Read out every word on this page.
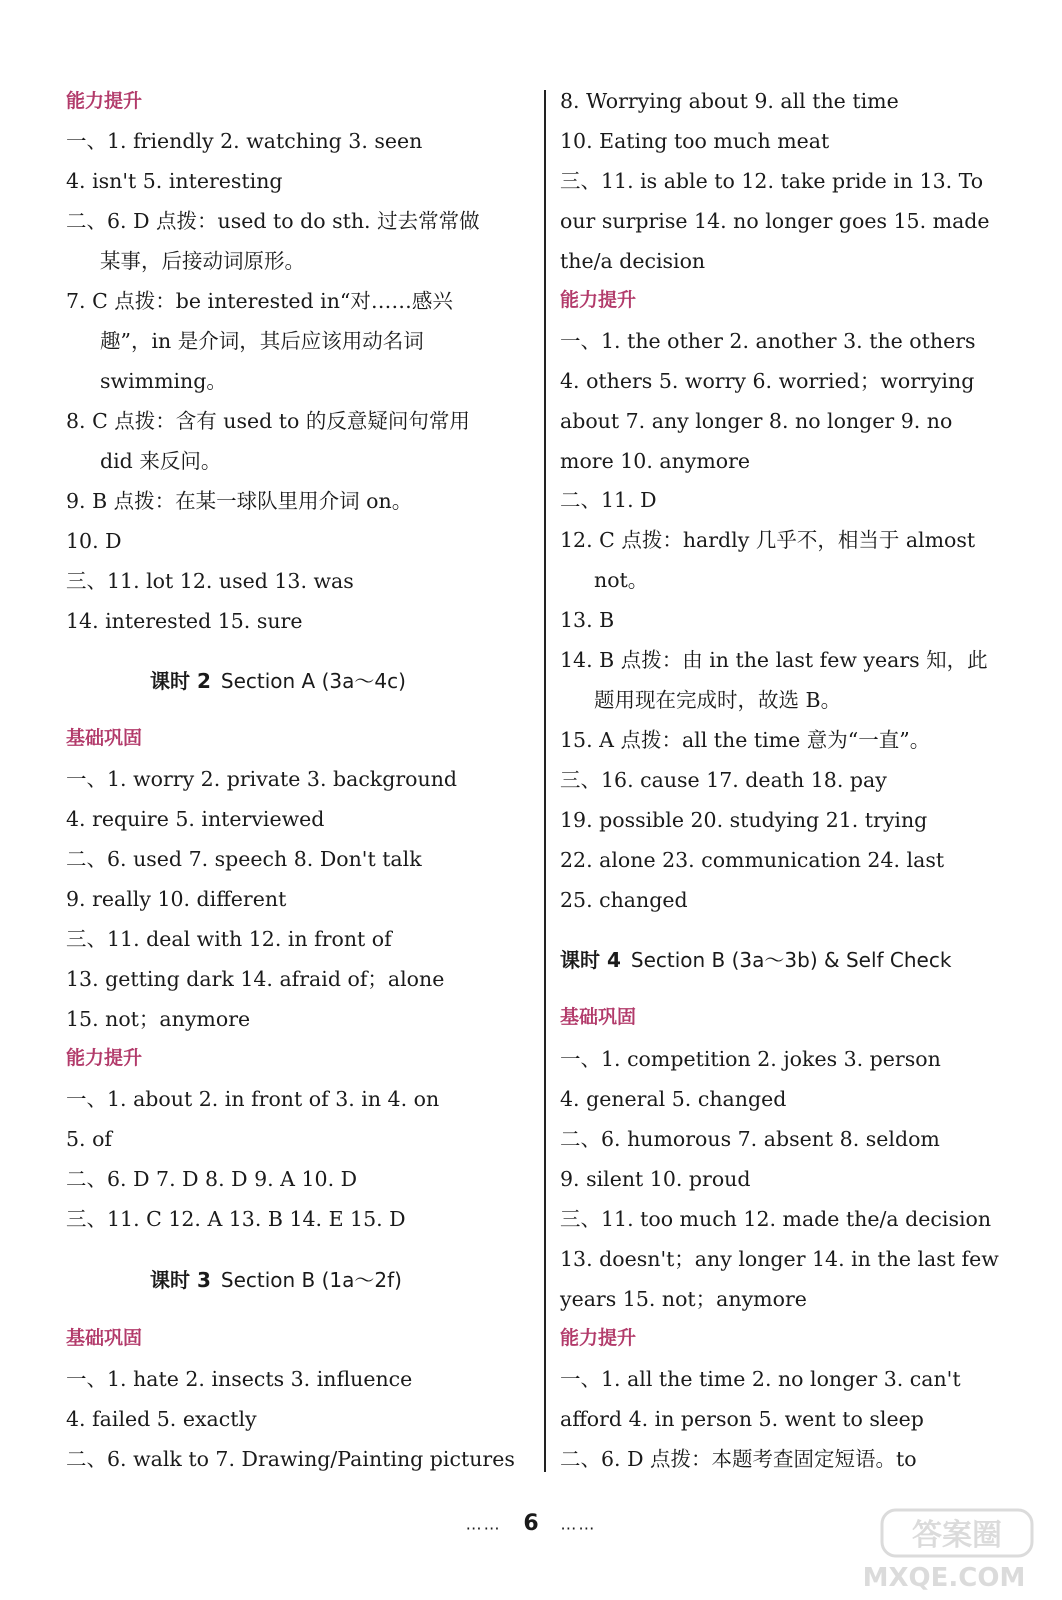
能力提升
一、1. friendly 2. watching 3. seen
4. isn't 5. interesting
二、6. D 点拨：used to do sth. 过去常常做
某事，后接动词原形。
7. C 点拨：be interested in“对……感兴
趣”，in 是介词，其后应该用动名词
swimming。
8. C 点拨：含有 used to 的反意疑问句常用
did 来反问。
9. B 点拨：在某一球队里用介词 on。
10. D
三、11. lot 12. used 13. was
14. interested 15. sure
课时 2 Section A (3a～4c)
基础巩固
一、1. worry 2. private 3. background
4. require 5. interviewed
二、6. used 7. speech 8. Don't talk
9. really 10. different
三、11. deal with 12. in front of
13. getting dark 14. afraid of；alone
15. not；anymore
能力提升
一、1. about 2. in front of 3. in 4. on
5. of
二、6. D 7. D 8. D 9. A 10. D
三、11. C 12. A 13. B 14. E 15. D
课时 3 Section B (1a～2f)
基础巩固
一、1. hate 2. insects 3. influence
4. failed 5. exactly
二、6. walk to 7. Drawing/Painting pictures
8. Worrying about 9. all the time
10. Eating too much meat
三、11. is able to 12. take pride in 13. To
our surprise 14. no longer goes 15. made
the/a decision
能力提升
一、1. the other 2. another 3. the others
4. others 5. worry 6. worried；worrying
about 7. any longer 8. no longer 9. no
more 10. anymore
二、11. D
12. C 点拨：hardly 几乎不，相当于 almost
not。
13. B
14. B 点拨：由 in the last few years 知，此
题用现在完成时，故选 B。
15. A 点拨：all the time 意为“一直”。
三、16. cause 17. death 18. pay
19. possible 20. studying 21. trying
22. alone 23. communication 24. last
25. changed
课时 4 Section B (3a～3b) & Self Check
基础巩固
一、1. competition 2. jokes 3. person
4. general 5. changed
二、6. humorous 7. absent 8. seldom
9. silent 10. proud
三、11. too much 12. made the/a decision
13. doesn't；any longer 14. in the last few
years 15. not；anymore
能力提升
一、1. all the time 2. no longer 3. can't
afford 4. in person 5. went to sleep
二、6. D 点拨：本题考查固定短语。to
…… 6 ……	答案圈
MXQE.COM
